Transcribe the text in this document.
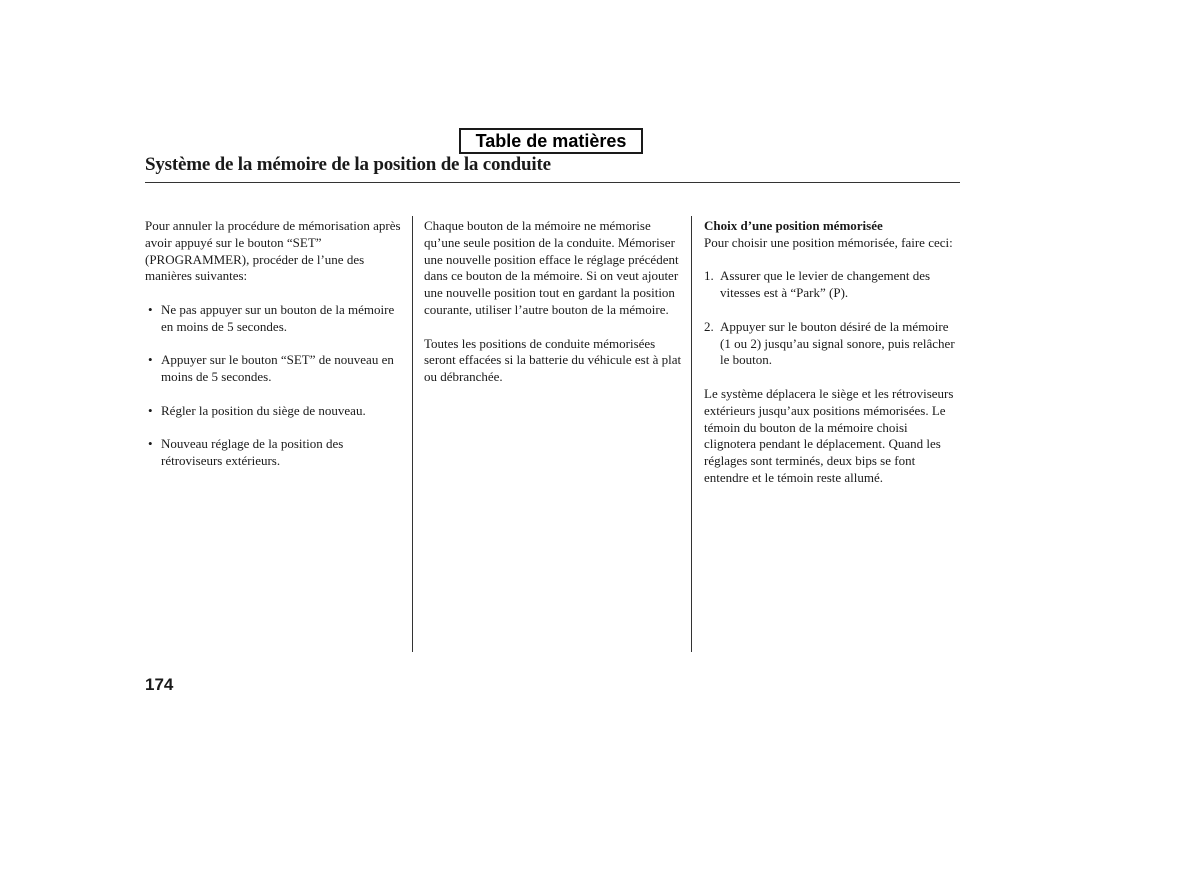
Table de matières
Système de la mémoire de la position de la conduite

Pour annuler la procédure de mémorisation après avoir appuyé sur le bouton “SET” (PROGRAMMER), procéder de l’une des manières suivantes:

• Ne pas appuyer sur un bouton de la mémoire en moins de 5 secondes.

• Appuyer sur le bouton “SET” de nouveau en moins de 5 secondes.

• Régler la position du siège de nouveau.

• Nouveau réglage de la position des rétroviseurs extérieurs.

Chaque bouton de la mémoire ne mémorise qu’une seule position de la conduite. Mémoriser une nouvelle position efface le réglage précédent dans ce bouton de la mémoire. Si on veut ajouter une nouvelle position tout en gardant la position courante, utiliser l’autre bouton de la mémoire.

Toutes les positions de conduite mémorisées seront effacées si la batterie du véhicule est à plat ou débranchée.

Choix d’une position mémorisée

Pour choisir une position mémorisée, faire ceci:

1. Assurer que le levier de changement des vitesses est à “Park” (P).
2. Appuyer sur le bouton désiré de la mémoire (1 ou 2) jusqu’au signal sonore, puis relâcher le bouton.

Le système déplacera le siège et les rétroviseurs extérieurs jusqu’aux positions mémorisées. Le témoin du bouton de la mémoire choisi clignotera pendant le déplacement. Quand les réglages sont terminés, deux bips se font entendre et le témoin reste allumé.

174
